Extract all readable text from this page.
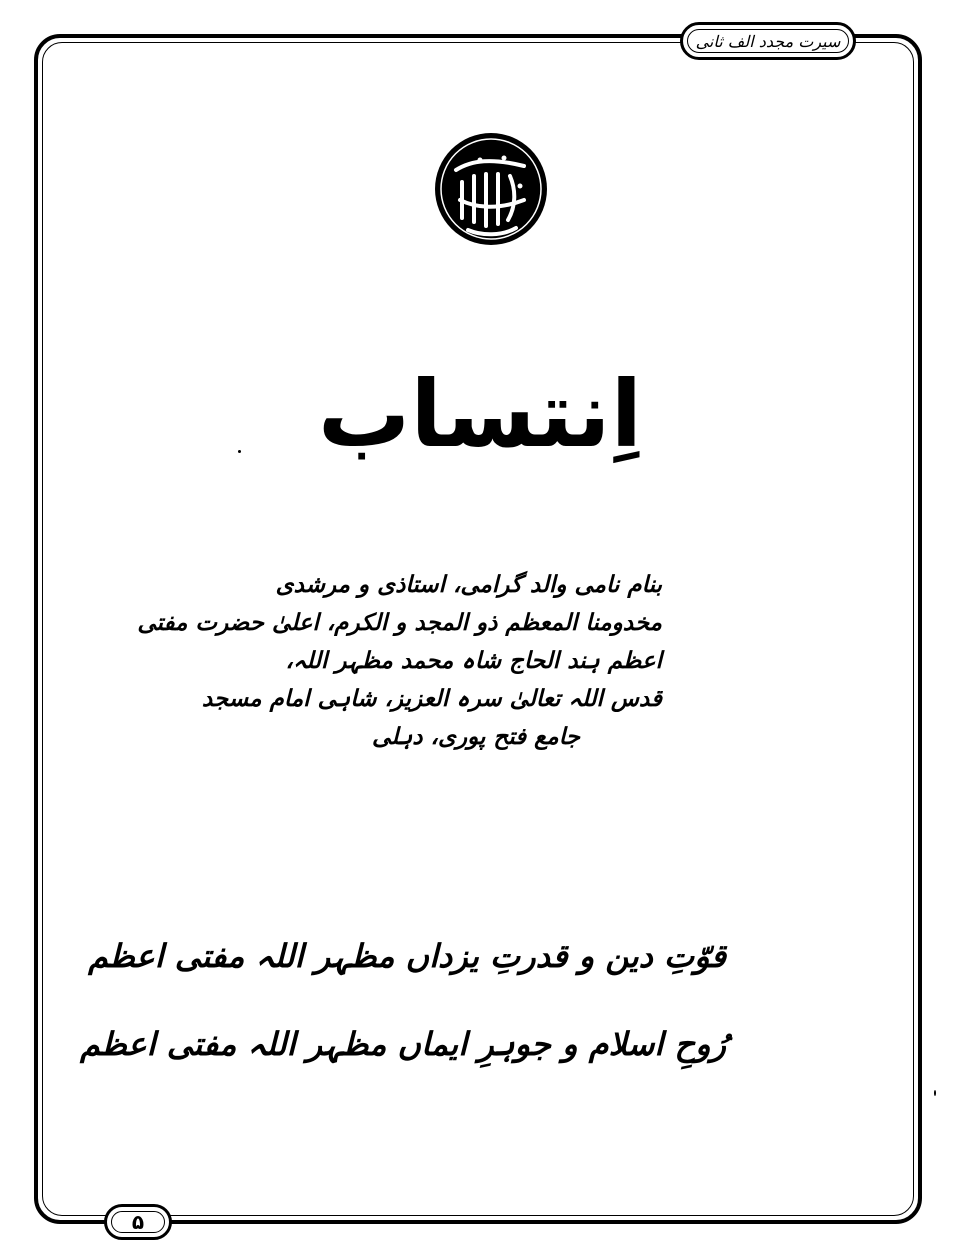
سیرت مجدد الف ثانی
اِنتساب
بنام نامی والد گرامی، استاذی و مرشدی
مخدومنا المعظم ذو المجد و الکرم، اعلیٰ حضرت مفتی
اعظم ہند الحاج شاہ محمد مظہر اللہ،
قدس اللہ تعالیٰ سرہ العزیز، شاہی امام مسجد
جامع فتح پوری، دہلی
قوّتِ دین و قدرتِ یزداں مظہر اللہ مفتی اعظم
رُوحِ اسلام و جوہرِ ایماں مظہر اللہ مفتی اعظم
۵
